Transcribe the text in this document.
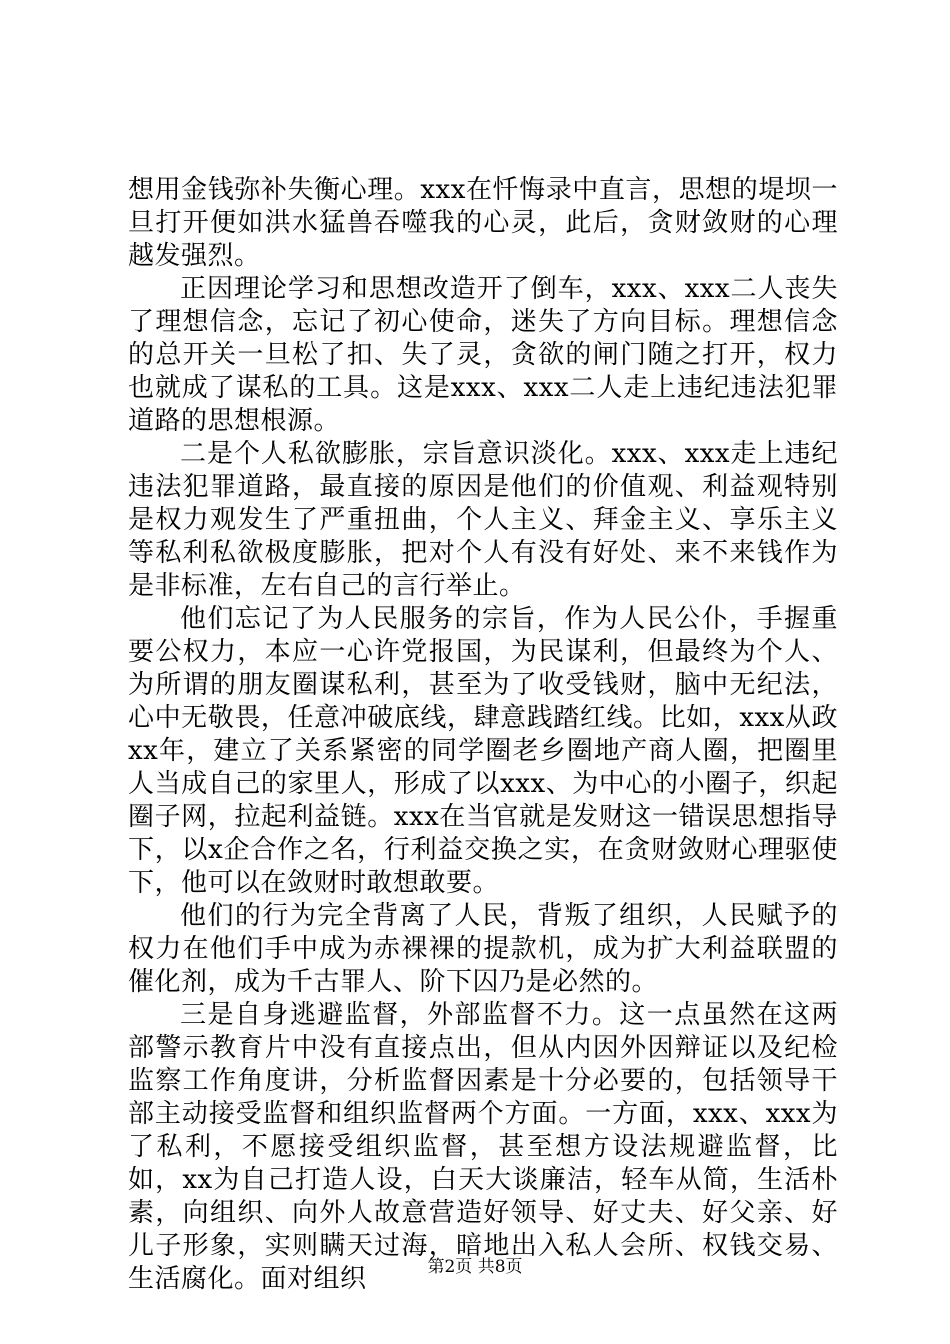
想用金钱弥补失衡心理。xxx在忏悔录中直言，思想的堤坝一旦打开便如洪水猛兽吞噬我的心灵，此后，贪财敛财的心理越发强烈。

正因理论学习和思想改造开了倒车，xxx、xxx二人丧失了理想信念，忘记了初心使命，迷失了方向目标。理想信念的总开关一旦松了扣、失了灵，贪欲的闸门随之打开，权力也就成了谋私的工具。这是xxx、xxx二人走上违纪违法犯罪道路的思想根源。

二是个人私欲膨胀，宗旨意识淡化。xxx、xxx走上违纪违法犯罪道路，最直接的原因是他们的价值观、利益观特别是权力观发生了严重扭曲，个人主义、拜金主义、享乐主义等私利私欲极度膨胀，把对个人有没有好处、来不来钱作为是非标准，左右自己的言行举止。

他们忘记了为人民服务的宗旨，作为人民公仆，手握重要公权力，本应一心许党报国，为民谋利，但最终为个人、为所谓的朋友圈谋私利，甚至为了收受钱财，脑中无纪法，心中无敬畏，任意冲破底线，肆意践踏红线。比如，xxx从政xx年，建立了关系紧密的同学圈老乡圈地产商人圈，把圈里人当成自己的家里人，形成了以xxx、为中心的小圈子，织起圈子网，拉起利益链。xxx在当官就是发财这一错误思想指导下，以x企合作之名，行利益交换之实，在贪财敛财心理驱使下，他可以在敛财时敢想敢要。

他们的行为完全背离了人民，背叛了组织，人民赋予的权力在他们手中成为赤裸裸的提款机，成为扩大利益联盟的催化剂，成为千古罪人、阶下囚乃是必然的。

三是自身逃避监督，外部监督不力。这一点虽然在这两部警示教育片中没有直接点出，但从内因外因辩证以及纪检监察工作角度讲，分析监督因素是十分必要的，包括领导干部主动接受监督和组织监督两个方面。一方面，xxx、xxx为了私利，不愿接受组织监督，甚至想方设法规避监督，比如，xx为自己打造人设，白天大谈廉洁，轻车从简，生活朴素，向组织、向外人故意营造好领导、好丈夫、好父亲、好儿子形象，实则瞒天过海，暗地出入私人会所、权钱交易、生活腐化。面对组织	第2页 共8页
